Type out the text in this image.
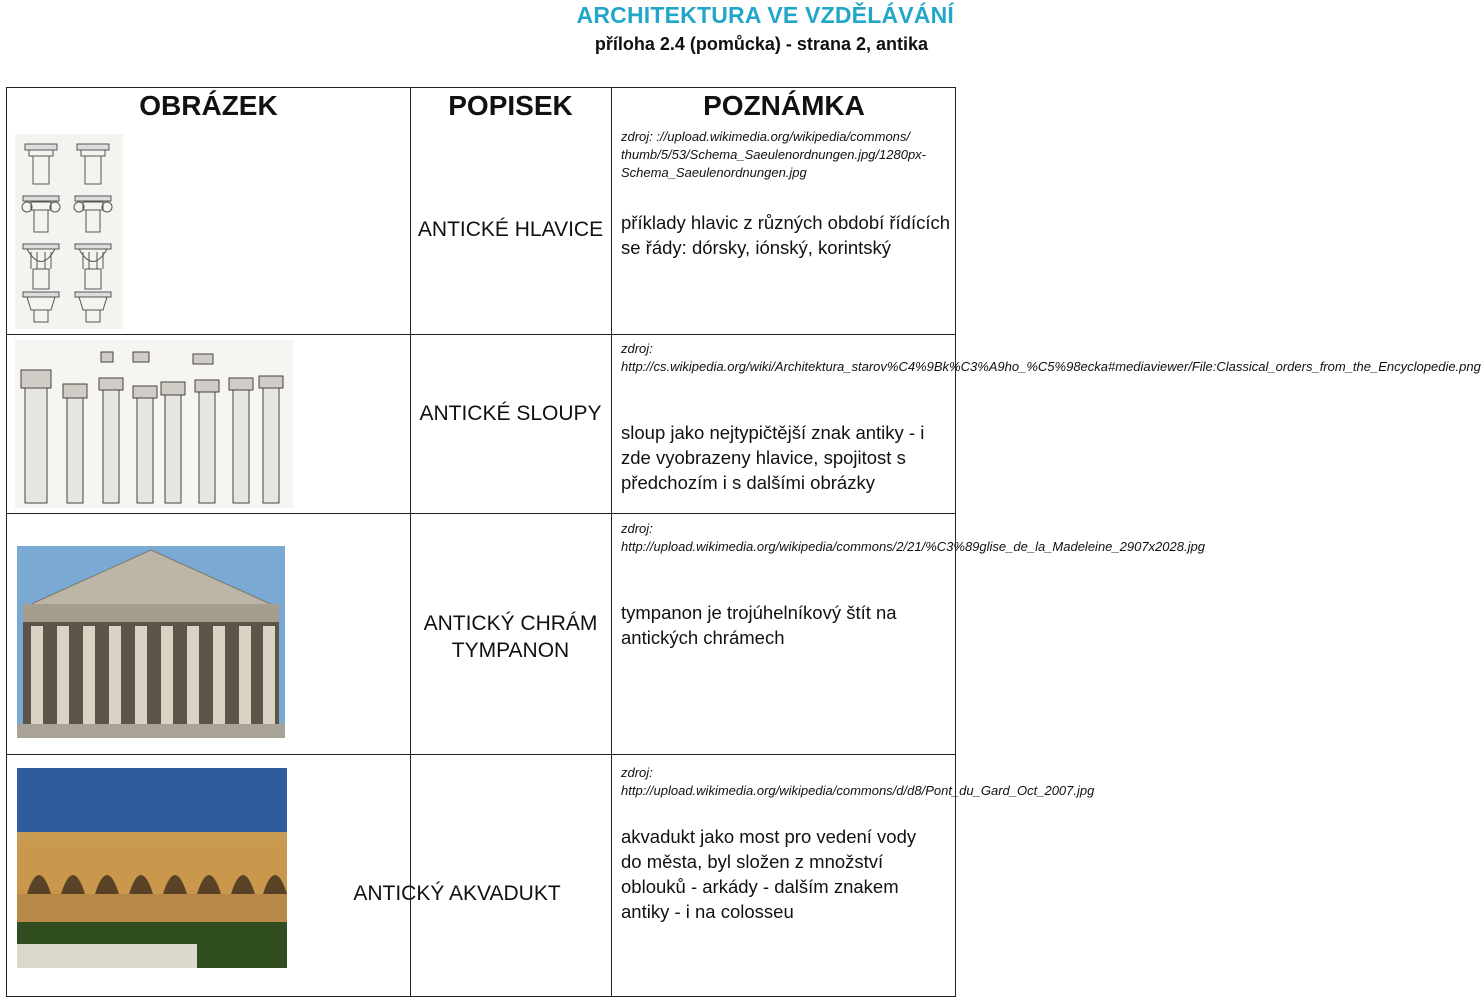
ARCHITEKTURA VE VZDĚLÁVÁNÍ
příloha 2.4 (pomůcka) - strana 2, antika
OBRÁZEK	POPISEK	POZNÁMKA
ANTICKÉ HLAVICE
zdroj: ://upload.wikimedia.org/wikipedia/commons/ thumb/5/53/Schema_Saeulenordnungen.jpg/1280px-Schema_Saeulenordnungen.jpg
příklady hlavic z různých období řídících se řády: dórsky, iónský, korintský
ANTICKÉ SLOUPY
zdroj: http://cs.wikipedia.org/wiki/Architektura_starov%C4%9Bk%C3%A9ho_%C5%98ecka#mediaviewer/File:Classical_orders_from_the_Encyclopedie.png
sloup jako nejtypičtější znak antiky - i zde vyobrazeny hlavice, spojitost s předchozím i s dalšími obrázky
ANTICKÝ CHRÁM TYMPANON
zdroj: http://upload.wikimedia.org/wikipedia/commons/2/21/%C3%89glise_de_la_Madeleine_2907x2028.jpg
tympanon je trojúhelníkový štít na antických chrámech
ANTICKÝ AKVADUKT
zdroj: http://upload.wikimedia.org/wikipedia/commons/d/d8/Pont_du_Gard_Oct_2007.jpg
akvadukt jako most pro vedení vody do města, byl složen z množství oblouků - arkády - dalším znakem antiky - i na colosseu
